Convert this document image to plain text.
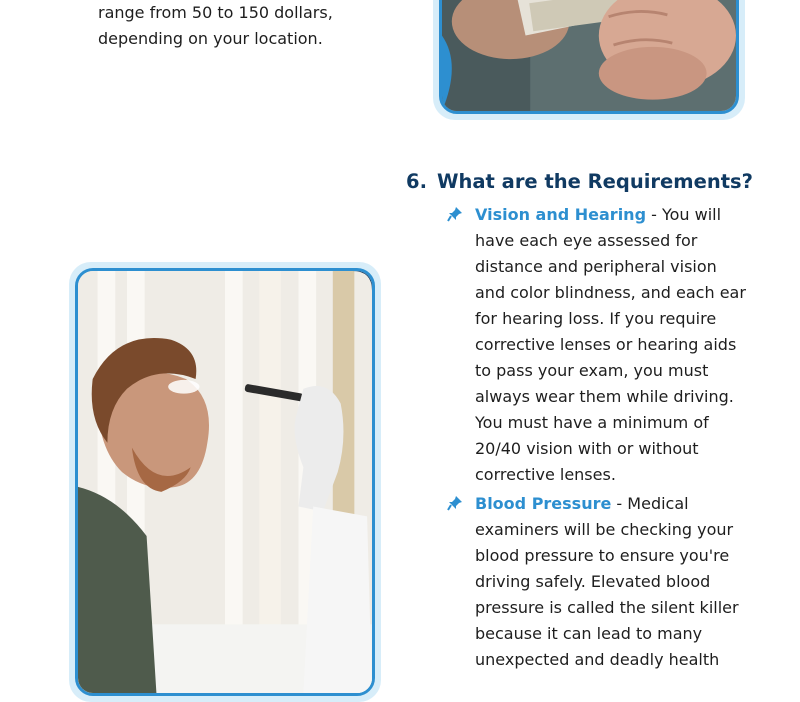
range from 50 to 150 dollars,

depending on your location.

6. What are the Requirements?
Vision and Hearing - You will have each eye assessed for distance and peripheral vision and color blindness, and each ear for hearing loss. If you require corrective lenses or hearing aids to pass your exam, you must always wear them while driving. You must have a minimum of 20/40 vision with or without corrective lenses.
Blood Pressure - Medical examiners will be checking your blood pressure to ensure you're driving safely. Elevated blood pressure is called the silent killer because it can lead to many unexpected and deadly health
